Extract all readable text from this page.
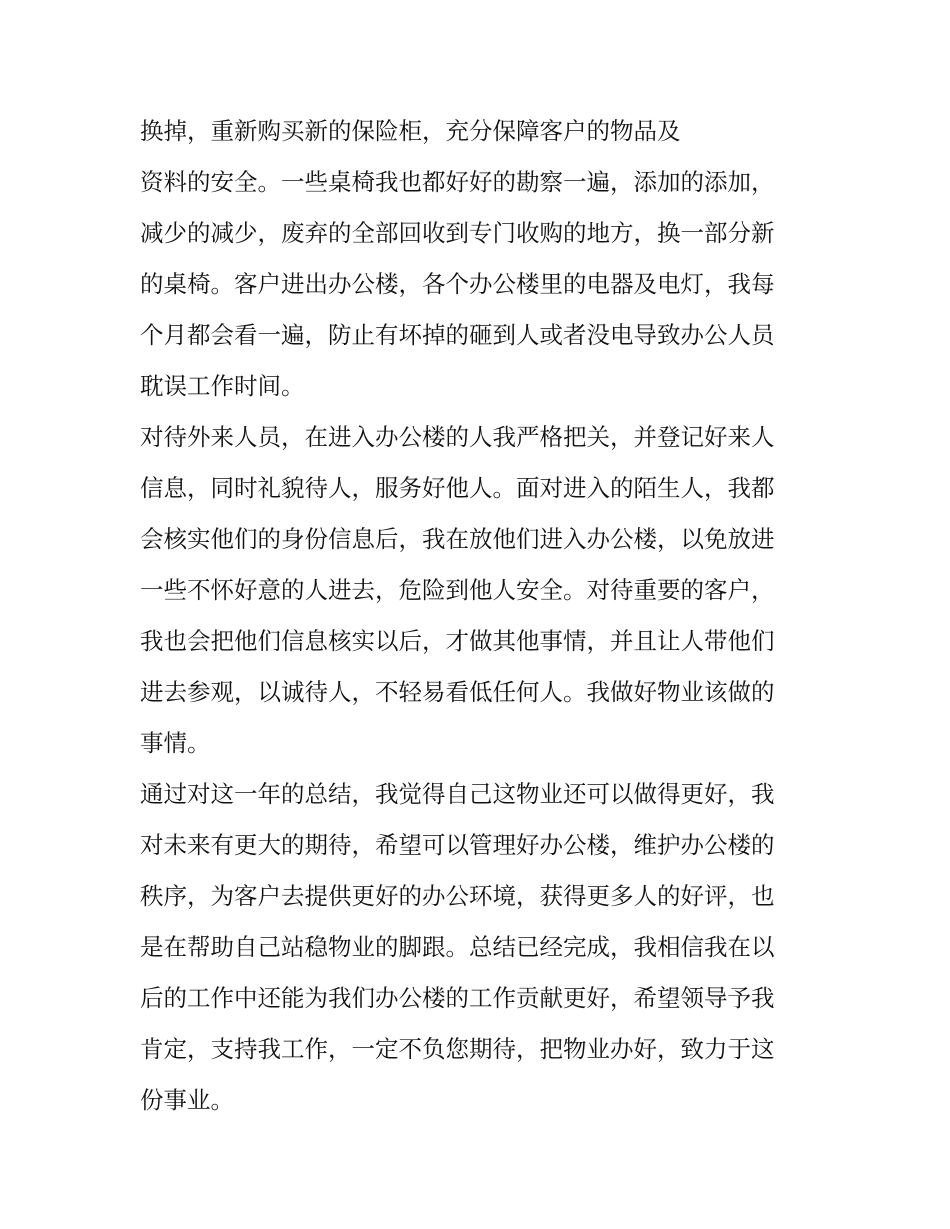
换掉，重新购买新的保险柜，充分保障客户的物品及
资料的安全。一些桌椅我也都好好的勘察一遍，添加的添加，
减少的减少，废弃的全部回收到专门收购的地方，换一部分新
的桌椅。客户进出办公楼，各个办公楼里的电器及电灯，我每
个月都会看一遍，防止有坏掉的砸到人或者没电导致办公人员
耽误工作时间。
对待外来人员，在进入办公楼的人我严格把关，并登记好来人
信息，同时礼貌待人，服务好他人。面对进入的陌生人，我都
会核实他们的身份信息后，我在放他们进入办公楼，以免放进
一些不怀好意的人进去，危险到他人安全。对待重要的客户，
我也会把他们信息核实以后，才做其他事情，并且让人带他们
进去参观，以诚待人，不轻易看低任何人。我做好物业该做的
事情。
通过对这一年的总结，我觉得自己这物业还可以做得更好，我
对未来有更大的期待，希望可以管理好办公楼，维护办公楼的
秩序，为客户去提供更好的办公环境，获得更多人的好评，也
是在帮助自己站稳物业的脚跟。总结已经完成，我相信我在以
后的工作中还能为我们办公楼的工作贡献更好，希望领导予我
肯定，支持我工作，一定不负您期待，把物业办好，致力于这
份事业。
